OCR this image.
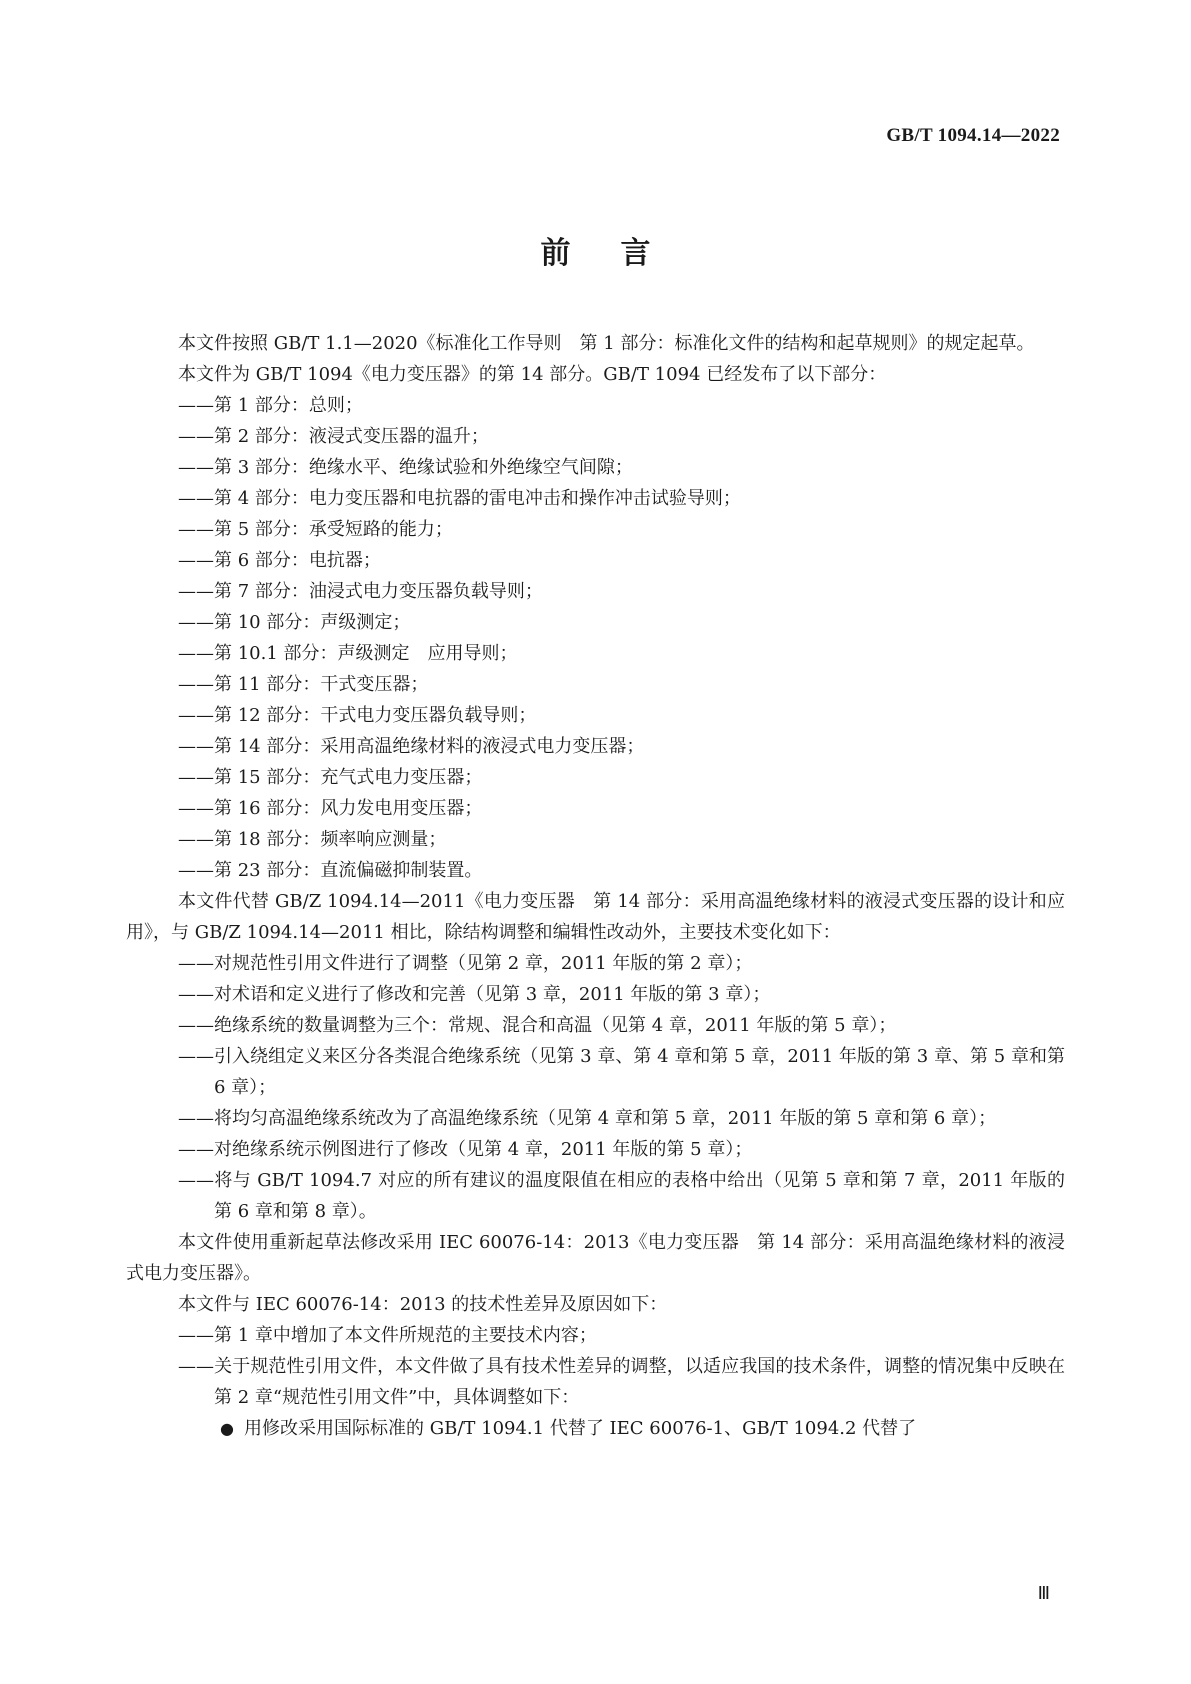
GB/T 1094.14—2022
前言

本文件按照 GB/T 1.1—2020《标准化工作导则　第 1 部分：标准化文件的结构和起草规则》的规定起草。

本文件为 GB/T 1094《电力变压器》的第 14 部分。GB/T 1094 已经发布了以下部分：

——第 1 部分：总则；

——第 2 部分：液浸式变压器的温升；

——第 3 部分：绝缘水平、绝缘试验和外绝缘空气间隙；

——第 4 部分：电力变压器和电抗器的雷电冲击和操作冲击试验导则；

——第 5 部分：承受短路的能力；

——第 6 部分：电抗器；

——第 7 部分：油浸式电力变压器负载导则；

——第 10 部分：声级测定；

——第 10.1 部分：声级测定　应用导则；

——第 11 部分：干式变压器；

——第 12 部分：干式电力变压器负载导则；

——第 14 部分：采用高温绝缘材料的液浸式电力变压器；

——第 15 部分：充气式电力变压器；

——第 16 部分：风力发电用变压器；

——第 18 部分：频率响应测量；

——第 23 部分：直流偏磁抑制装置。

本文件代替 GB/Z 1094.14—2011《电力变压器　第 14 部分：采用高温绝缘材料的液浸式变压器的设计和应用》，与 GB/Z 1094.14—2011 相比，除结构调整和编辑性改动外，主要技术变化如下：

——对规范性引用文件进行了调整（见第 2 章，2011 年版的第 2 章）；

——对术语和定义进行了修改和完善（见第 3 章，2011 年版的第 3 章）；

——绝缘系统的数量调整为三个：常规、混合和高温（见第 4 章，2011 年版的第 5 章）；

——引入绕组定义来区分各类混合绝缘系统（见第 3 章、第 4 章和第 5 章，2011 年版的第 3 章、第 5 章和第 6 章）；

——将均匀高温绝缘系统改为了高温绝缘系统（见第 4 章和第 5 章，2011 年版的第 5 章和第 6 章）；

——对绝缘系统示例图进行了修改（见第 4 章，2011 年版的第 5 章）；

——将与 GB/T 1094.7 对应的所有建议的温度限值在相应的表格中给出（见第 5 章和第 7 章，2011 年版的第 6 章和第 8 章）。

本文件使用重新起草法修改采用 IEC 60076-14：2013《电力变压器　第 14 部分：采用高温绝缘材料的液浸式电力变压器》。

本文件与 IEC 60076-14：2013 的技术性差异及原因如下：

——第 1 章中增加了本文件所规范的主要技术内容；

——关于规范性引用文件，本文件做了具有技术性差异的调整，以适应我国的技术条件，调整的情况集中反映在第 2 章“规范性引用文件”中，具体调整如下：

● 用修改采用国际标准的 GB/T 1094.1 代替了 IEC 60076-1、GB/T 1094.2 代替了

Ⅲ
